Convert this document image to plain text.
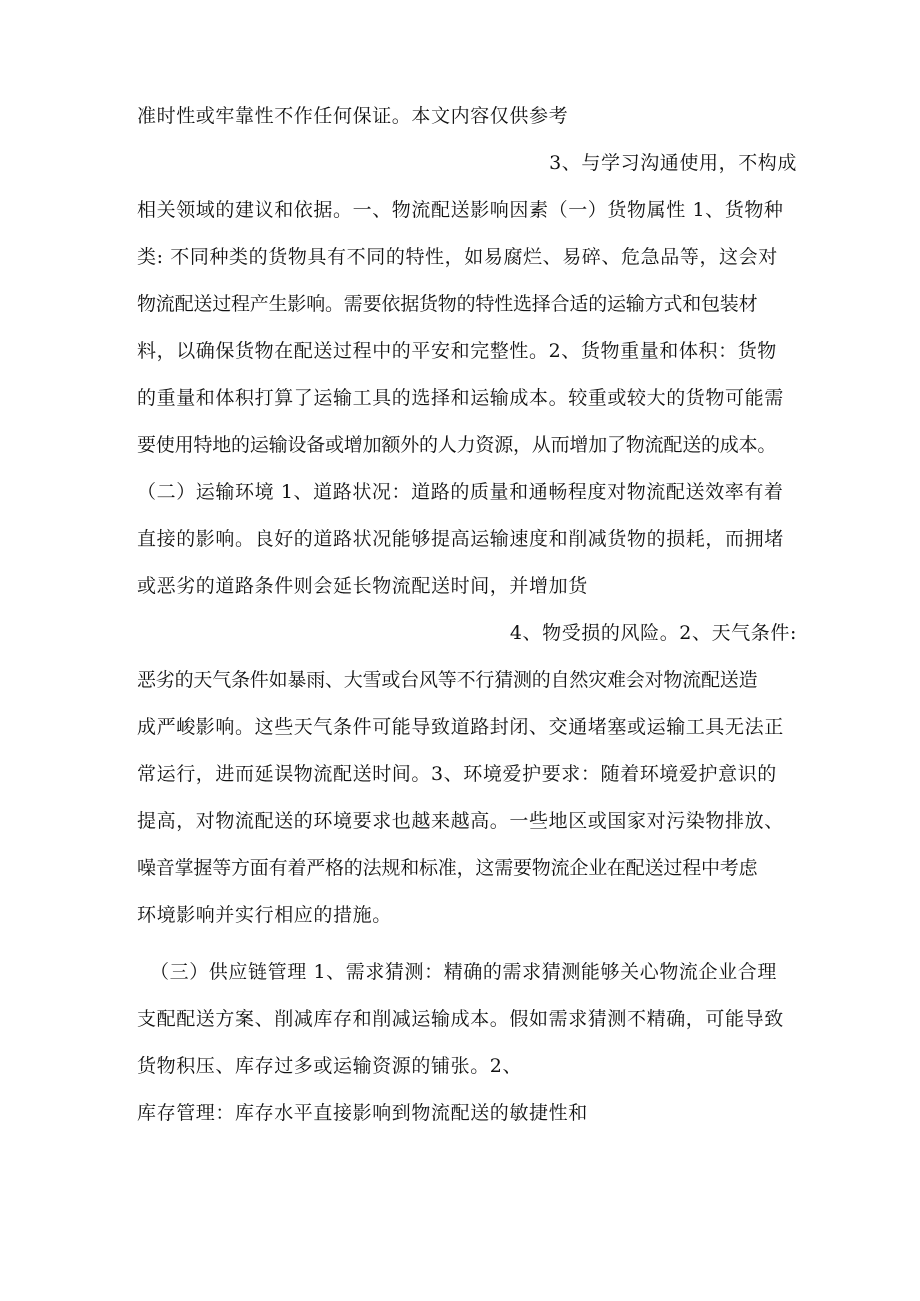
准时性或牢靠性不作任何保证。本文内容仅供参考
3、与学习沟通使用，不构成
相关领域的建议和依据。一、物流配送影响因素（一）货物属性 1、货物种
类: 不同种类的货物具有不同的特性，如易腐烂、易碎、危急品等，这会对
物流配送过程产生影响。需要依据货物的特性选择合适的运输方式和包装材
料，以确保货物在配送过程中的平安和完整性。2、货物重量和体积：货物
的重量和体积打算了运输工具的选择和运输成本。较重或较大的货物可能需
要使用特地的运输设备或增加额外的人力资源，从而增加了物流配送的成本。
（二）运输环境 1、道路状况：道路的质量和通畅程度对物流配送效率有着
直接的影响。良好的道路状况能够提高运输速度和削减货物的损耗，而拥堵
或恶劣的道路条件则会延长物流配送时间，并增加货
4、物受损的风险。2、天气条件:
恶劣的天气条件如暴雨、大雪或台风等不行猜测的自然灾难会对物流配送造
成严峻影响。这些天气条件可能导致道路封闭、交通堵塞或运输工具无法正
常运行，进而延误物流配送时间。3、环境爱护要求：随着环境爱护意识的
提高，对物流配送的环境要求也越来越高。一些地区或国家对污染物排放、
噪音掌握等方面有着严格的法规和标准，这需要物流企业在配送过程中考虑
环境影响并实行相应的措施。
（三）供应链管理 1、需求猜测：精确的需求猜测能够关心物流企业合理
支配配送方案、削减库存和削减运输成本。假如需求猜测不精确，可能导致
货物积压、库存过多或运输资源的铺张。2、
库存管理：库存水平直接影响到物流配送的敏捷性和
